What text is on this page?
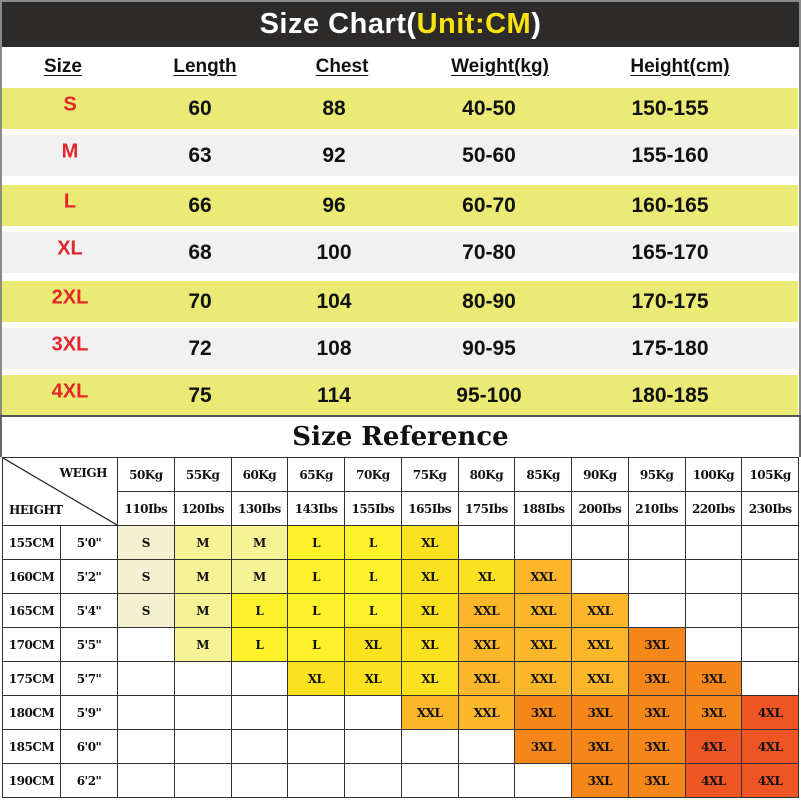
Size Chart(Unit:CM)
Size	Length	Chest	Weight(kg)	Height(cm)
S	60	88	40-50	150-155
M	63	92	50-60	155-160
L	66	96	60-70	160-165
XL	68	100	70-80	165-170
2XL	70	104	80-90	170-175
3XL	72	108	90-95	175-180
4XL	75	114	95-100	180-185
Size Reference
WEIGH
HEIGHT		50Kg	55Kg	60Kg	65Kg	70Kg	75Kg	80Kg	85Kg	90Kg	95Kg	100Kg	105Kg
		110Ibs	120Ibs	130Ibs	143Ibs	155Ibs	165Ibs	175Ibs	188Ibs	200Ibs	210Ibs	220Ibs	230Ibs
155CM	5'0"	S	M	M	L	L	XL						
160CM	5'2"	S	M	M	L	L	XL	XL	XXL				
165CM	5'4"	S	M	L	L	L	XL	XXL	XXL	XXL			
170CM	5'5"		M	L	L	XL	XL	XXL	XXL	XXL	3XL		
175CM	5'7"				XL	XL	XL	XXL	XXL	XXL	3XL	3XL	
180CM	5'9"						XXL	XXL	3XL	3XL	3XL	3XL	4XL
185CM	6'0"								3XL	3XL	3XL	4XL	4XL
190CM	6'2"									3XL	3XL	4XL	4XL
